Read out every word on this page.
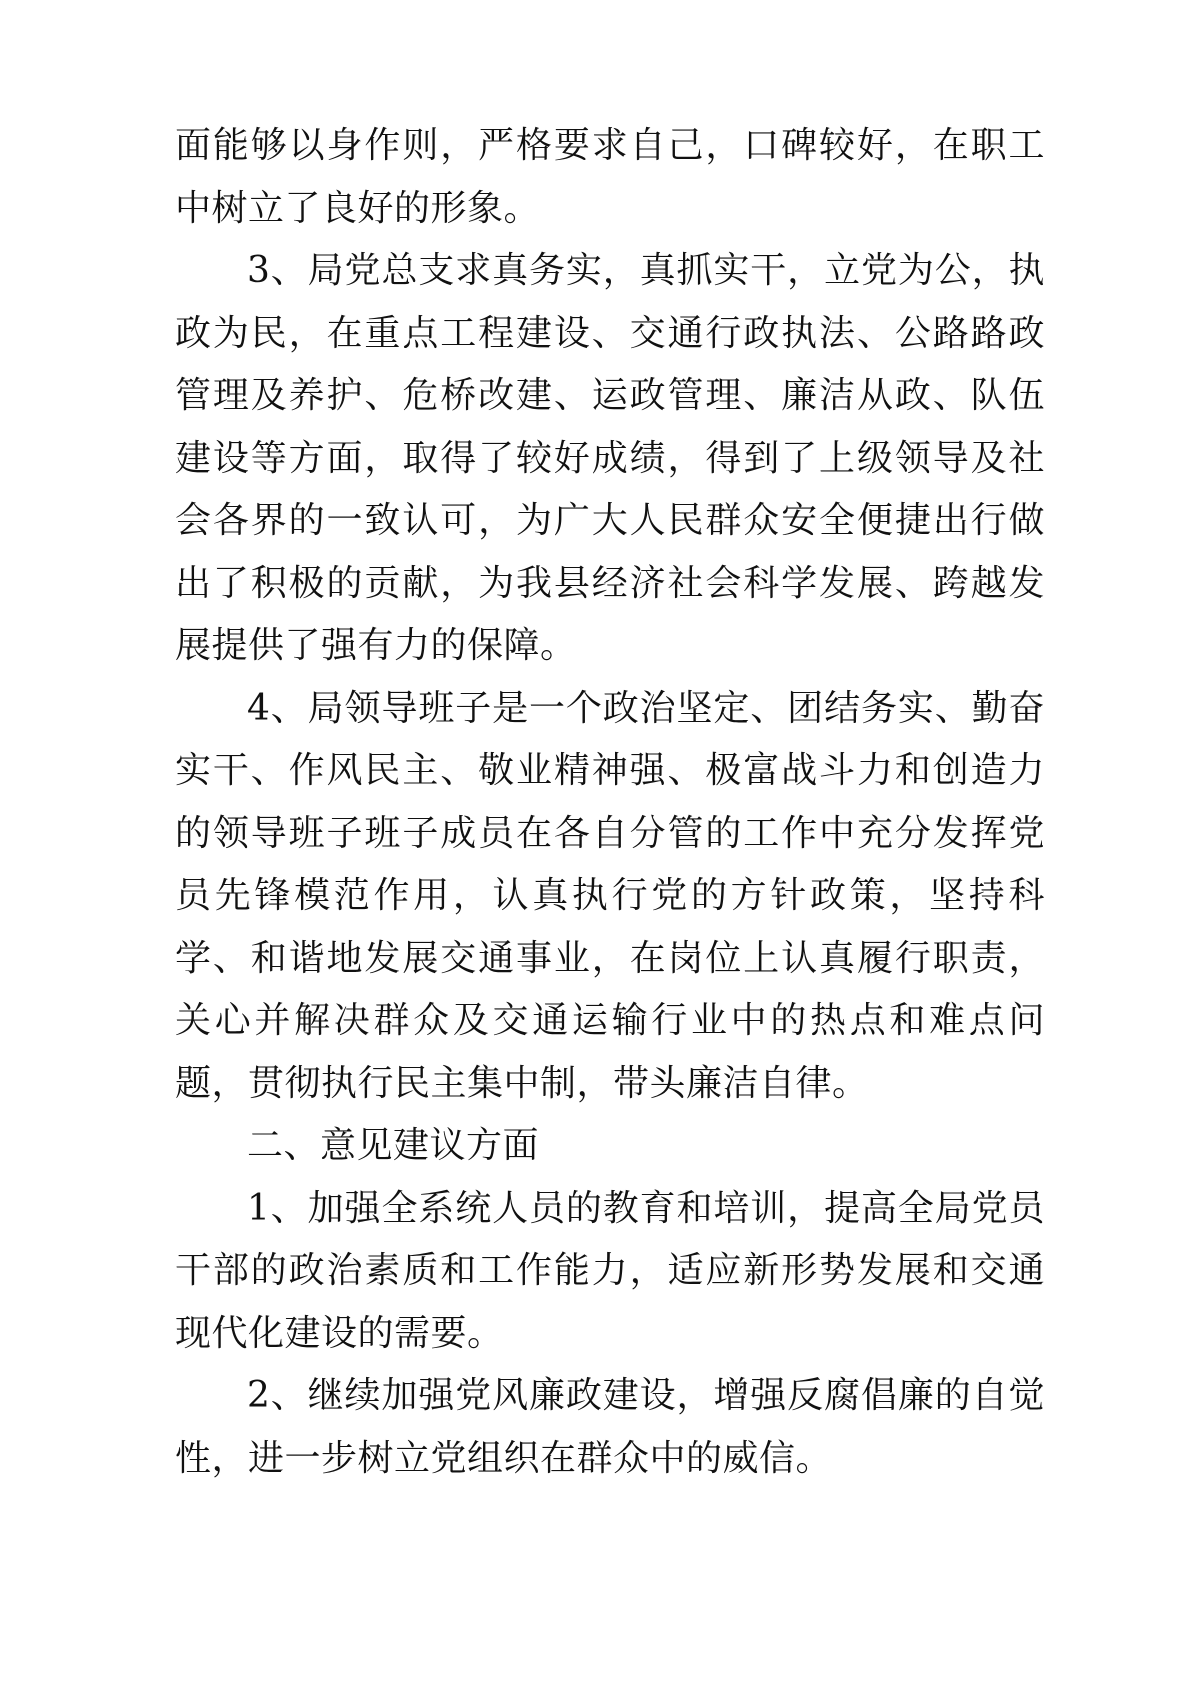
面能够以身作则，严格要求自己，口碑较好，在职工中树立了良好的形象。

3、局党总支求真务实，真抓实干，立党为公，执政为民，在重点工程建设、交通行政执法、公路路政管理及养护、危桥改建、运政管理、廉洁从政、队伍建设等方面，取得了较好成绩，得到了上级领导及社会各界的一致认可，为广大人民群众安全便捷出行做出了积极的贡献，为我县经济社会科学发展、跨越发展提供了强有力的保障。

4、局领导班子是一个政治坚定、团结务实、勤奋实干、作风民主、敬业精神强、极富战斗力和创造力的领导班子班子成员在各自分管的工作中充分发挥党员先锋模范作用，认真执行党的方针政策，坚持科学、和谐地发展交通事业，在岗位上认真履行职责，关心并解决群众及交通运输行业中的热点和难点问题，贯彻执行民主集中制，带头廉洁自律。

二、意见建议方面

1、加强全系统人员的教育和培训，提高全局党员干部的政治素质和工作能力，适应新形势发展和交通现代化建设的需要。

2、继续加强党风廉政建设，增强反腐倡廉的自觉性，进一步树立党组织在群众中的威信。
